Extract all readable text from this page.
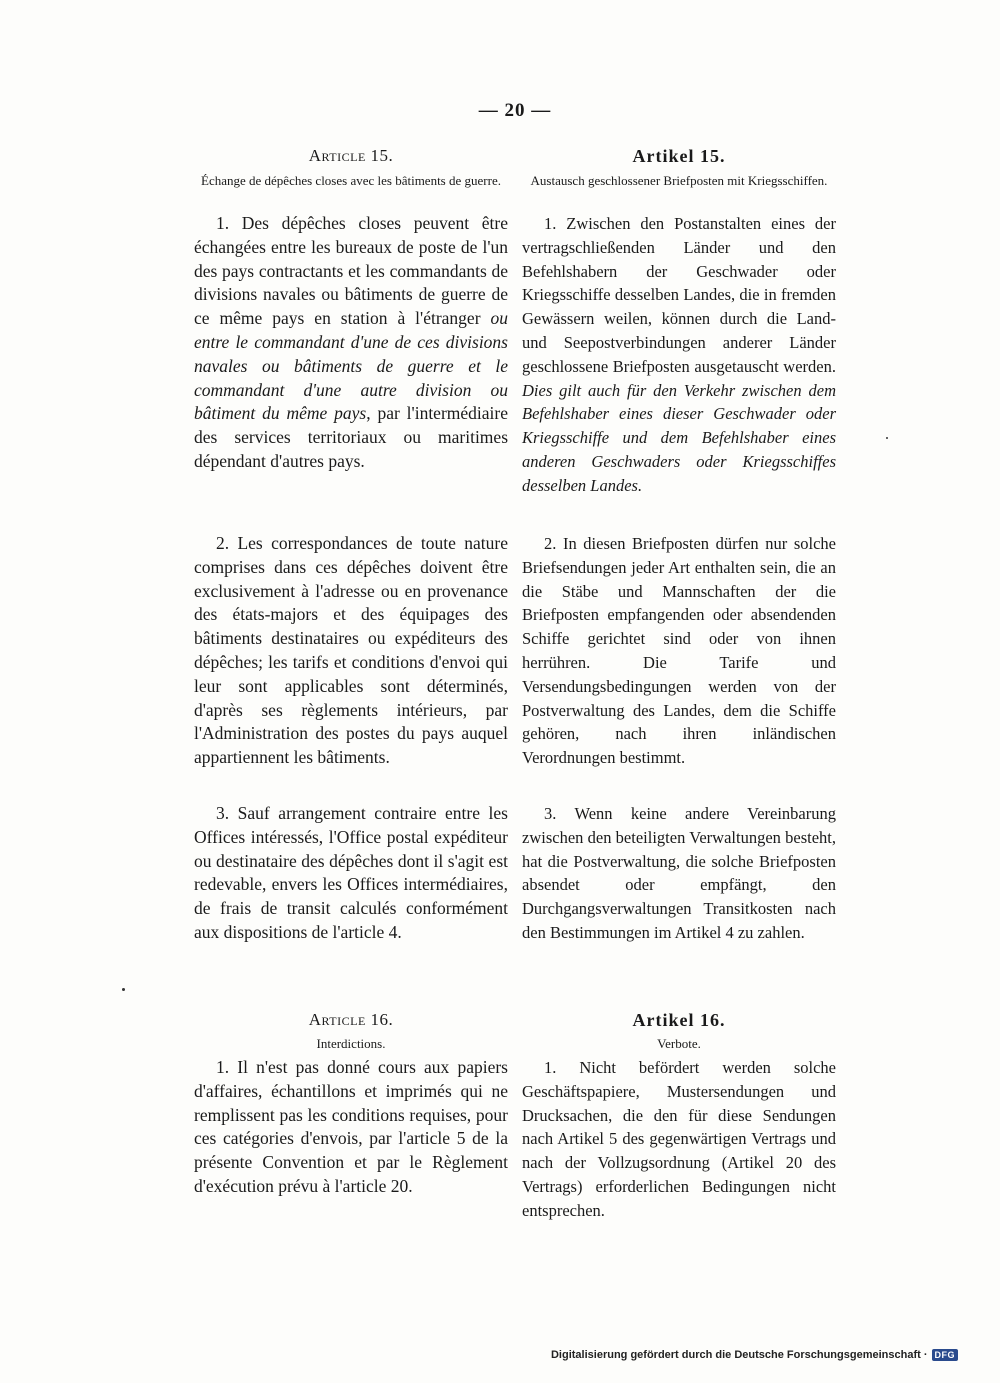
— 20 —
Article 15.
Échange de dépêches closes avec les bâtiments de guerre.
Artikel 15.
Austausch geschlossener Briefposten mit Kriegsschiffen.
1. Des dépêches closes peuvent être échangées entre les bureaux de poste de l'un des pays contractants et les commandants de divisions navales ou bâtiments de guerre de ce même pays en station à l'étranger ou entre le commandant d'une de ces divisions navales ou bâtiments de guerre et le commandant d'une autre division ou bâtiment du même pays, par l'intermédiaire des services territoriaux ou maritimes dépendant d'autres pays.
1. Zwischen den Postanstalten eines der vertragschließenden Länder und den Befehlshabern der Geschwader oder Kriegsschiffe desselben Landes, die in fremden Gewässern weilen, können durch die Land- und Seepostverbindungen anderer Länder geschlossene Briefposten ausgetauscht werden. Dies gilt auch für den Verkehr zwischen dem Befehlshaber eines dieser Geschwader oder Kriegsschiffe und dem Befehlshaber eines anderen Geschwaders oder Kriegsschiffes desselben Landes.
2. Les correspondances de toute nature comprises dans ces dépêches doivent être exclusivement à l'adresse ou en provenance des états-majors et des équipages des bâtiments destinataires ou expéditeurs des dépêches; les tarifs et conditions d'envoi qui leur sont applicables sont déterminés, d'après ses règlements intérieurs, par l'Administration des postes du pays auquel appartiennent les bâtiments.
2. In diesen Briefposten dürfen nur solche Briefsendungen jeder Art enthalten sein, die an die Stäbe und Mannschaften der die Briefposten empfangenden oder absendenden Schiffe gerichtet sind oder von ihnen herrühren. Die Tarife und Versendungsbedingungen werden von der Postverwaltung des Landes, dem die Schiffe gehören, nach ihren inländischen Verordnungen bestimmt.
3. Sauf arrangement contraire entre les Offices intéressés, l'Office postal expéditeur ou destinataire des dépêches dont il s'agit est redevable, envers les Offices intermédiaires, de frais de transit calculés conformément aux dispositions de l'article 4.
3. Wenn keine andere Vereinbarung zwischen den beteiligten Verwaltungen besteht, hat die Postverwaltung, die solche Briefposten absendet oder empfängt, den Durchgangsverwaltungen Transitkosten nach den Bestimmungen im Artikel 4 zu zahlen.
Article 16.
Interdictions.
Artikel 16.
Verbote.
1. Il n'est pas donné cours aux papiers d'affaires, échantillons et imprimés qui ne remplissent pas les conditions requises, pour ces catégories d'envois, par l'article 5 de la présente Convention et par le Règlement d'exécution prévu à l'article 20.
1. Nicht befördert werden solche Geschäftspapiere, Mustersendungen und Drucksachen, die den für diese Sendungen nach Artikel 5 des gegenwärtigen Vertrags und nach der Vollzugsordnung (Artikel 20 des Vertrags) erforderlichen Bedingungen nicht entsprechen.
Digitalisierung gefördert durch die Deutsche Forschungsgemeinschaft · DFG
